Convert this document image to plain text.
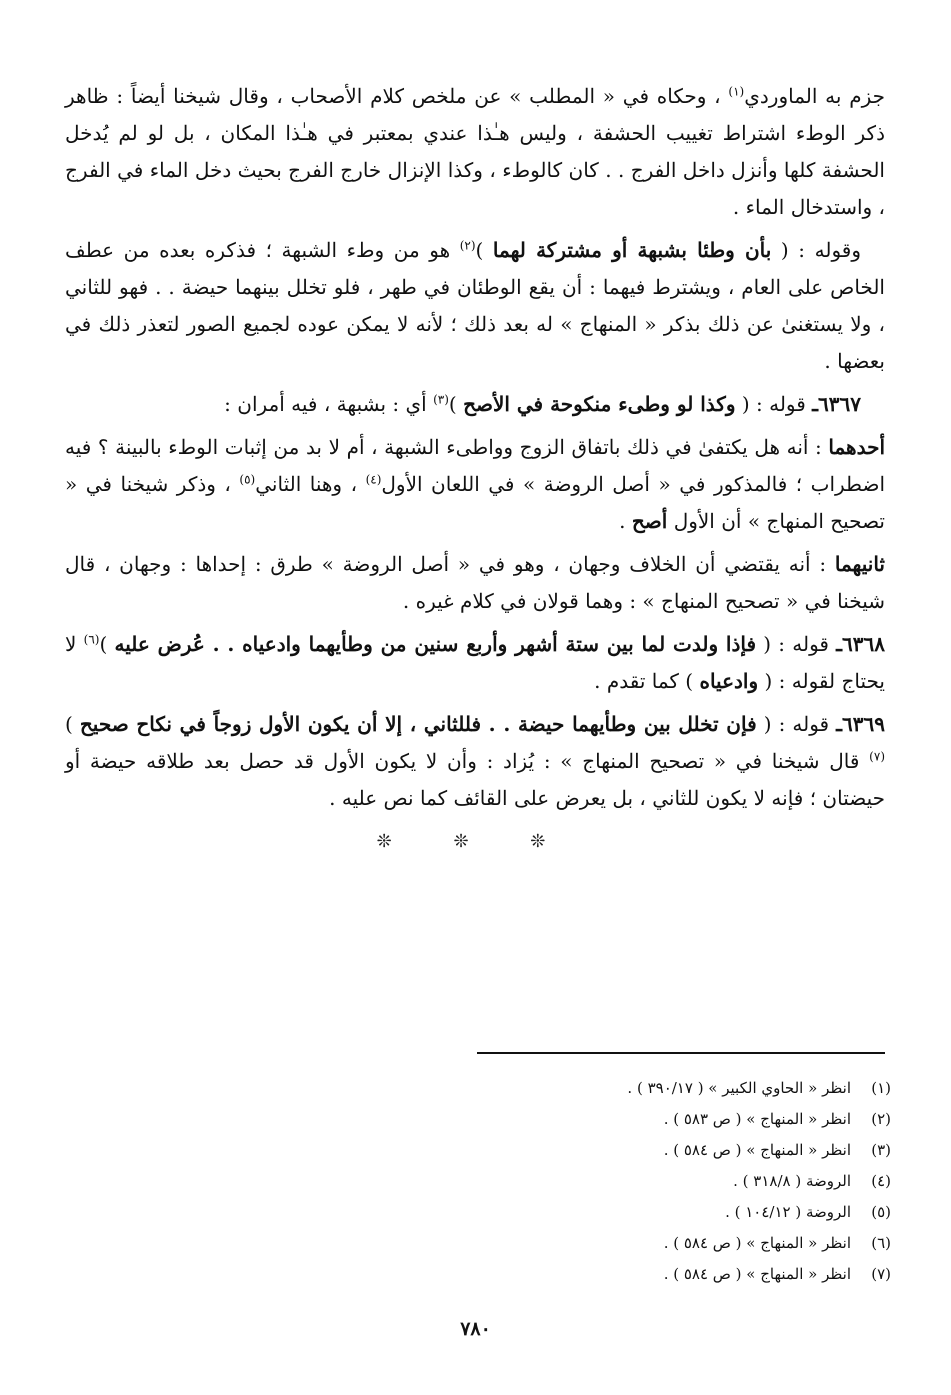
جزم به الماوردي$^{(١)}$ ، وحكاه في « المطلب » عن ملخص كلام الأصحاب ، وقال شيخنا أيضاً : ظاهر ذكر الوطء اشتراط تغييب الحشفة ، وليس هـٰذا عندي بمعتبر في هـٰذا المكان ، بل لو لم يُدخل الحشفة كلها وأنزل داخل الفرج . . كان كالوطء ، وكذا الإنزال خارج الفرج بحيث دخل الماء في الفرج ، واستدخال الماء .

وقوله : ( بأن وطئا بشبهة أو مشتركة لهما )$^{(٢)}$ هو من وطء الشبهة ؛ فذكره بعده من عطف الخاص على العام ، ويشترط فيهما : أن يقع الوطئان في طهر ، فلو تخلل بينهما حيضة . . فهو للثاني ، ولا يستغنىٰ عن ذلك بذكر « المنهاج » له بعد ذلك ؛ لأنه لا يمكن عوده لجميع الصور لتعذر ذلك في بعضها .

٦٣٦٧ـ قوله : ( وكذا لو وطىء منكوحة في الأصح )$^{(٣)}$ أي : بشبهة ، فيه أمران :

أحدهما : أنه هل يكتفىٰ في ذلك باتفاق الزوج وواطىء الشبهة ، أم لا بد من إثبات الوطء بالبينة ؟ فيه اضطراب ؛ فالمذكور في « أصل الروضة » في اللعان الأول$^{(٤)}$ ، وهنا الثاني$^{(٥)}$ ، وذكر شيخنا في « تصحيح المنهاج » أن الأول أصح .

ثانيهما : أنه يقتضي أن الخلاف وجهان ، وهو في « أصل الروضة » طرق : إحداها : وجهان ، قال شيخنا في « تصحيح المنهاج » : وهما قولان في كلام غيره .

٦٣٦٨ـ قوله : ( فإذا ولدت لما بين ستة أشهر وأربع سنين من وطأيهما وادعياه . . عُرض عليه )$^{(٦)}$ لا يحتاج لقوله : ( وادعياه ) كما تقدم .

٦٣٦٩ـ قوله : ( فإن تخلل بين وطأيهما حيضة . . فللثاني ، إلا أن يكون الأول زوجاً في نكاح صحيح )$^{(٧)}$ قال شيخنا في « تصحيح المنهاج » : يُزاد : وأن لا يكون الأول قد حصل بعد طلاقه حيضة أو حيضتان ؛ فإنه لا يكون للثاني ، بل يعرض على القائف كما نص عليه .

❊ ❊ ❊
(١)انظر « الحاوي الكبير » ( ٣٩٠/١٧ ) .
(٢)انظر « المنهاج » ( ص ٥٨٣ ) .
(٣)انظر « المنهاج » ( ص ٥٨٤ ) .
(٤)الروضة ( ٣١٨/٨ ) .
(٥)الروضة ( ١٠٤/١٢ ) .
(٦)انظر « المنهاج » ( ص ٥٨٤ ) .
(٧)انظر « المنهاج » ( ص ٥٨٤ ) .
٧٨٠
